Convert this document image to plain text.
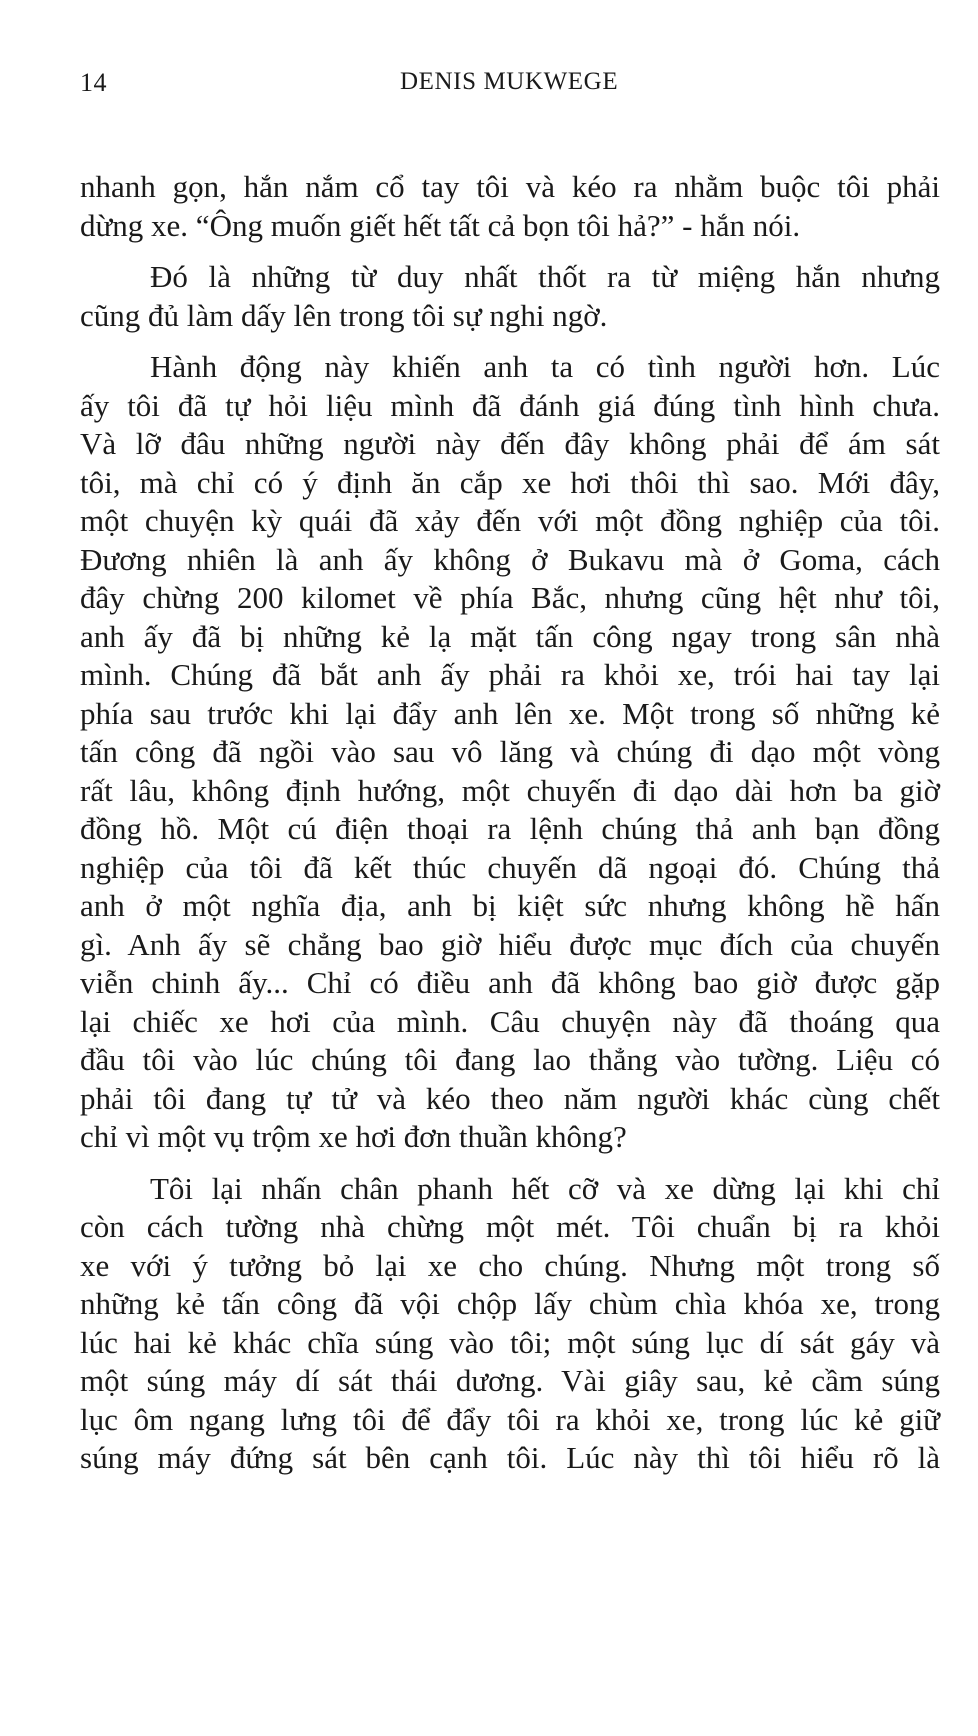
14	DENIS MUKWEGE

nhanh gọn, hắn nắm cổ tay tôi và kéo ra nhằm buộc tôi phải
dừng xe. “Ông muốn giết hết tất cả bọn tôi hả?” - hắn nói.

Đó là những từ duy nhất thốt ra từ miệng hắn nhưng
cũng đủ làm dấy lên trong tôi sự nghi ngờ.

Hành động này khiến anh ta có tình người hơn. Lúc
ấy tôi đã tự hỏi liệu mình đã đánh giá đúng tình hình chưa.
Và lỡ đâu những người này đến đây không phải để ám sát
tôi, mà chỉ có ý định ăn cắp xe hơi thôi thì sao. Mới đây,
một chuyện kỳ quái đã xảy đến với một đồng nghiệp của tôi.
Đương nhiên là anh ấy không ở Bukavu mà ở Goma, cách
đây chừng 200 kilomet về phía Bắc, nhưng cũng hệt như tôi,
anh ấy đã bị những kẻ lạ mặt tấn công ngay trong sân nhà
mình. Chúng đã bắt anh ấy phải ra khỏi xe, trói hai tay lại
phía sau trước khi lại đẩy anh lên xe. Một trong số những kẻ
tấn công đã ngồi vào sau vô lăng và chúng đi dạo một vòng
rất lâu, không định hướng, một chuyến đi dạo dài hơn ba giờ
đồng hồ. Một cú điện thoại ra lệnh chúng thả anh bạn đồng
nghiệp của tôi đã kết thúc chuyến dã ngoại đó. Chúng thả
anh ở một nghĩa địa, anh bị kiệt sức nhưng không hề hấn
gì. Anh ấy sẽ chẳng bao giờ hiểu được mục đích của chuyến
viễn chinh ấy... Chỉ có điều anh đã không bao giờ được gặp
lại chiếc xe hơi của mình. Câu chuyện này đã thoáng qua
đầu tôi vào lúc chúng tôi đang lao thẳng vào tường. Liệu có
phải tôi đang tự tử và kéo theo năm người khác cùng chết
chỉ vì một vụ trộm xe hơi đơn thuần không?

Tôi lại nhấn chân phanh hết cỡ và xe dừng lại khi chỉ
còn cách tường nhà chừng một mét. Tôi chuẩn bị ra khỏi
xe với ý tưởng bỏ lại xe cho chúng. Nhưng một trong số
những kẻ tấn công đã vội chộp lấy chùm chìa khóa xe, trong
lúc hai kẻ khác chĩa súng vào tôi; một súng lục dí sát gáy và
một súng máy dí sát thái dương. Vài giây sau, kẻ cầm súng
lục ôm ngang lưng tôi để đẩy tôi ra khỏi xe, trong lúc kẻ giữ
súng máy đứng sát bên cạnh tôi. Lúc này thì tôi hiểu rõ là
